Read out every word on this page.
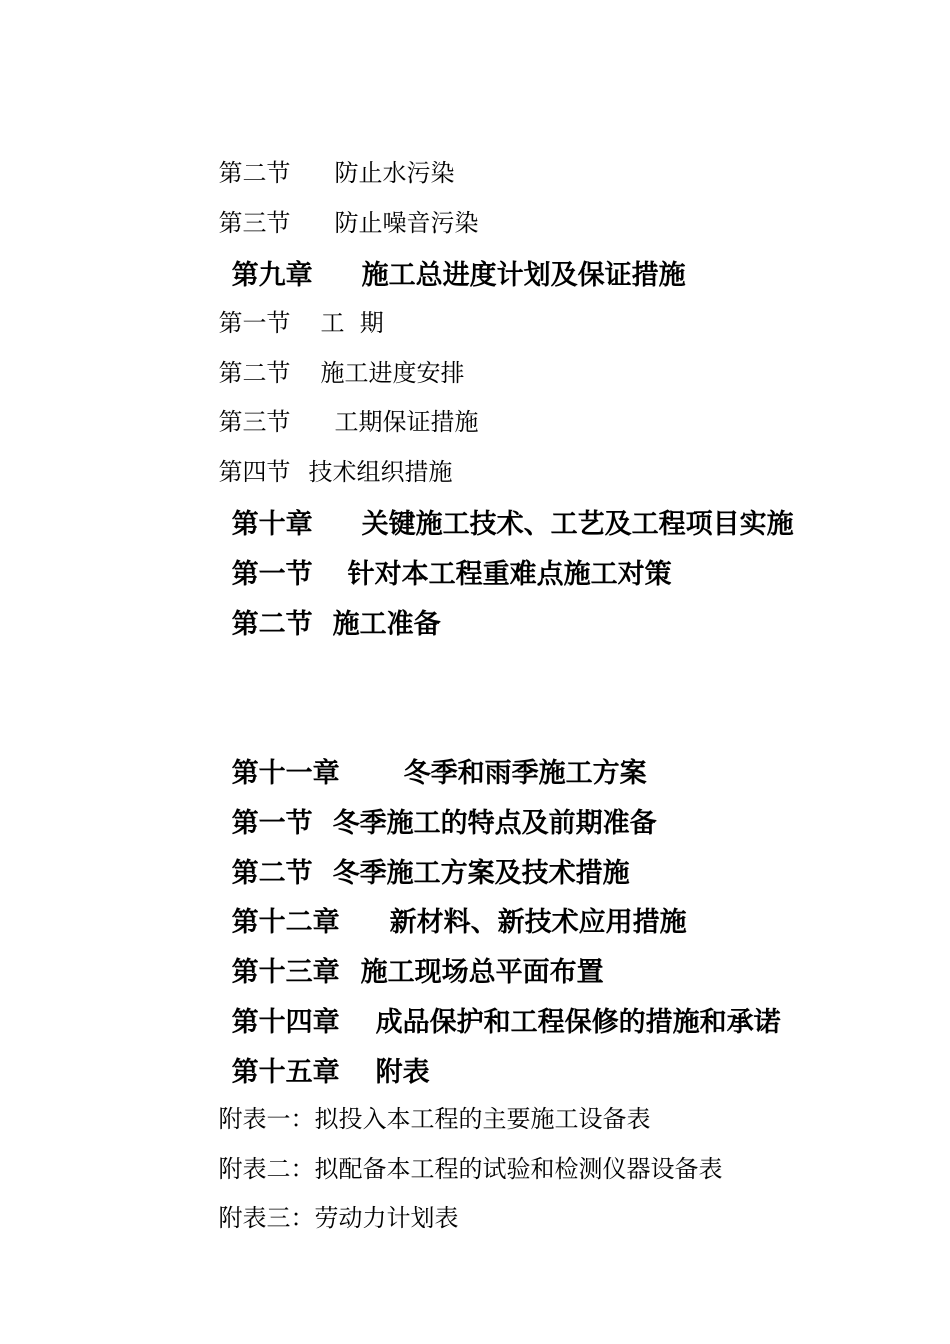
第二节 防止水污染

第三节 防止噪音污染

第九章 施工总进度计划及保证措施

第一节 工  期

第二节 施工进度安排

第三节 工期保证措施

第四节 技术组织措施

第十章 关键施工技术、工艺及工程项目实施

第一节 针对本工程重难点施工对策

第二节 施工准备

第十一章 冬季和雨季施工方案

第一节 冬季施工的特点及前期准备

第二节 冬季施工方案及技术措施

第十二章 新材料、新技术应用措施

第十三章 施工现场总平面布置

第十四章 成品保护和工程保修的措施和承诺

第十五章 附表

附表一：拟投入本工程的主要施工设备表

附表二：拟配备本工程的试验和检测仪器设备表

附表三：劳动力计划表
